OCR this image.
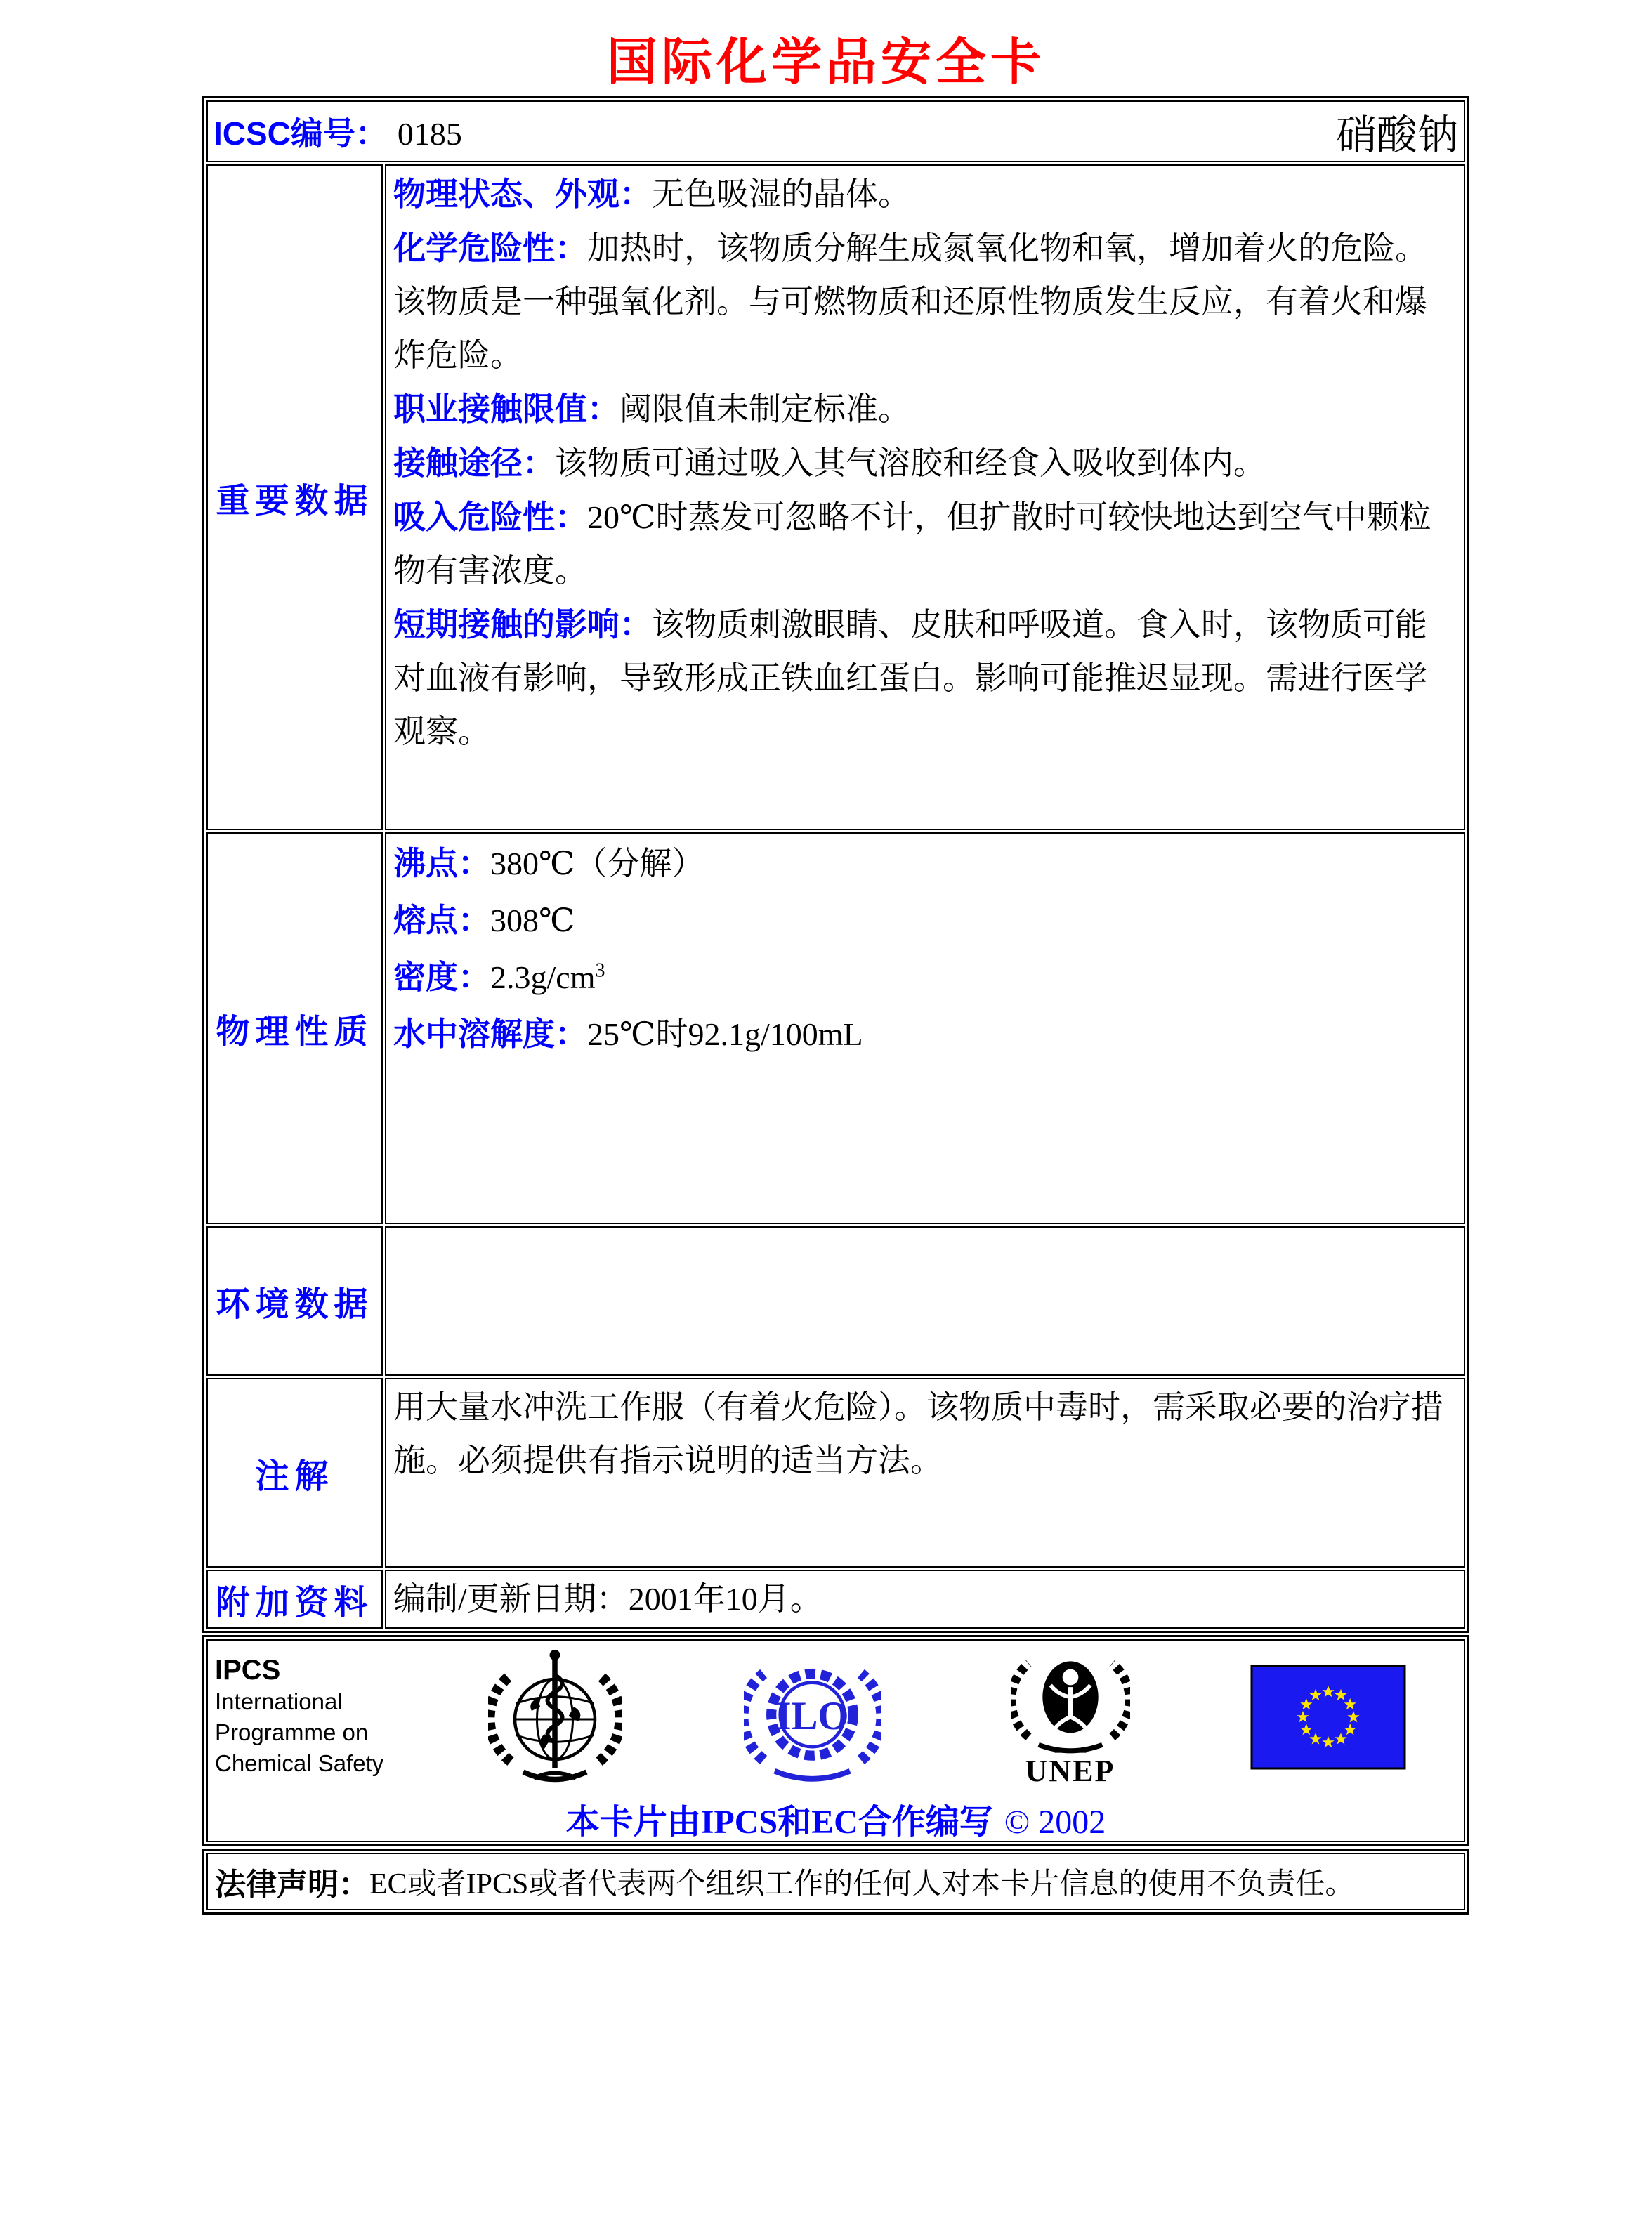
国际化学品安全卡
ICSC编号： 0185	硝酸钠
重要数据
物理状态、外观：无色吸湿的晶体。
化学危险性：加热时，该物质分解生成氮氧化物和氧，增加着火的危险。该物质是一种强氧化剂。与可燃物质和还原性物质发生反应，有着火和爆炸危险。
职业接触限值：阈限值未制定标准。
接触途径：该物质可通过吸入其气溶胶和经食入吸收到体内。
吸入危险性：20℃时蒸发可忽略不计，但扩散时可较快地达到空气中颗粒物有害浓度。
短期接触的影响：该物质刺激眼睛、皮肤和呼吸道。食入时，该物质可能对血液有影响，导致形成正铁血红蛋白。影响可能推迟显现。需进行医学观察。
物理性质
沸点：380℃（分解）
熔点：308℃
密度：$2.3g/cm^3$
水中溶解度：25℃时92.1g/100mL
环境数据
注解
用大量水冲洗工作服（有着火危险）。该物质中毒时，需采取必要的治疗措施。必须提供有指示说明的适当方法。
附加资料 编制/更新日期：2001年10月。
IPCS
International
Programme on
Chemical Safety
ILO
UNEP
本卡片由IPCS和EC合作编写 © 2002
法律声明： EC或者IPCS或者代表两个组织工作的任何人对本卡片信息的使用不负责任。
